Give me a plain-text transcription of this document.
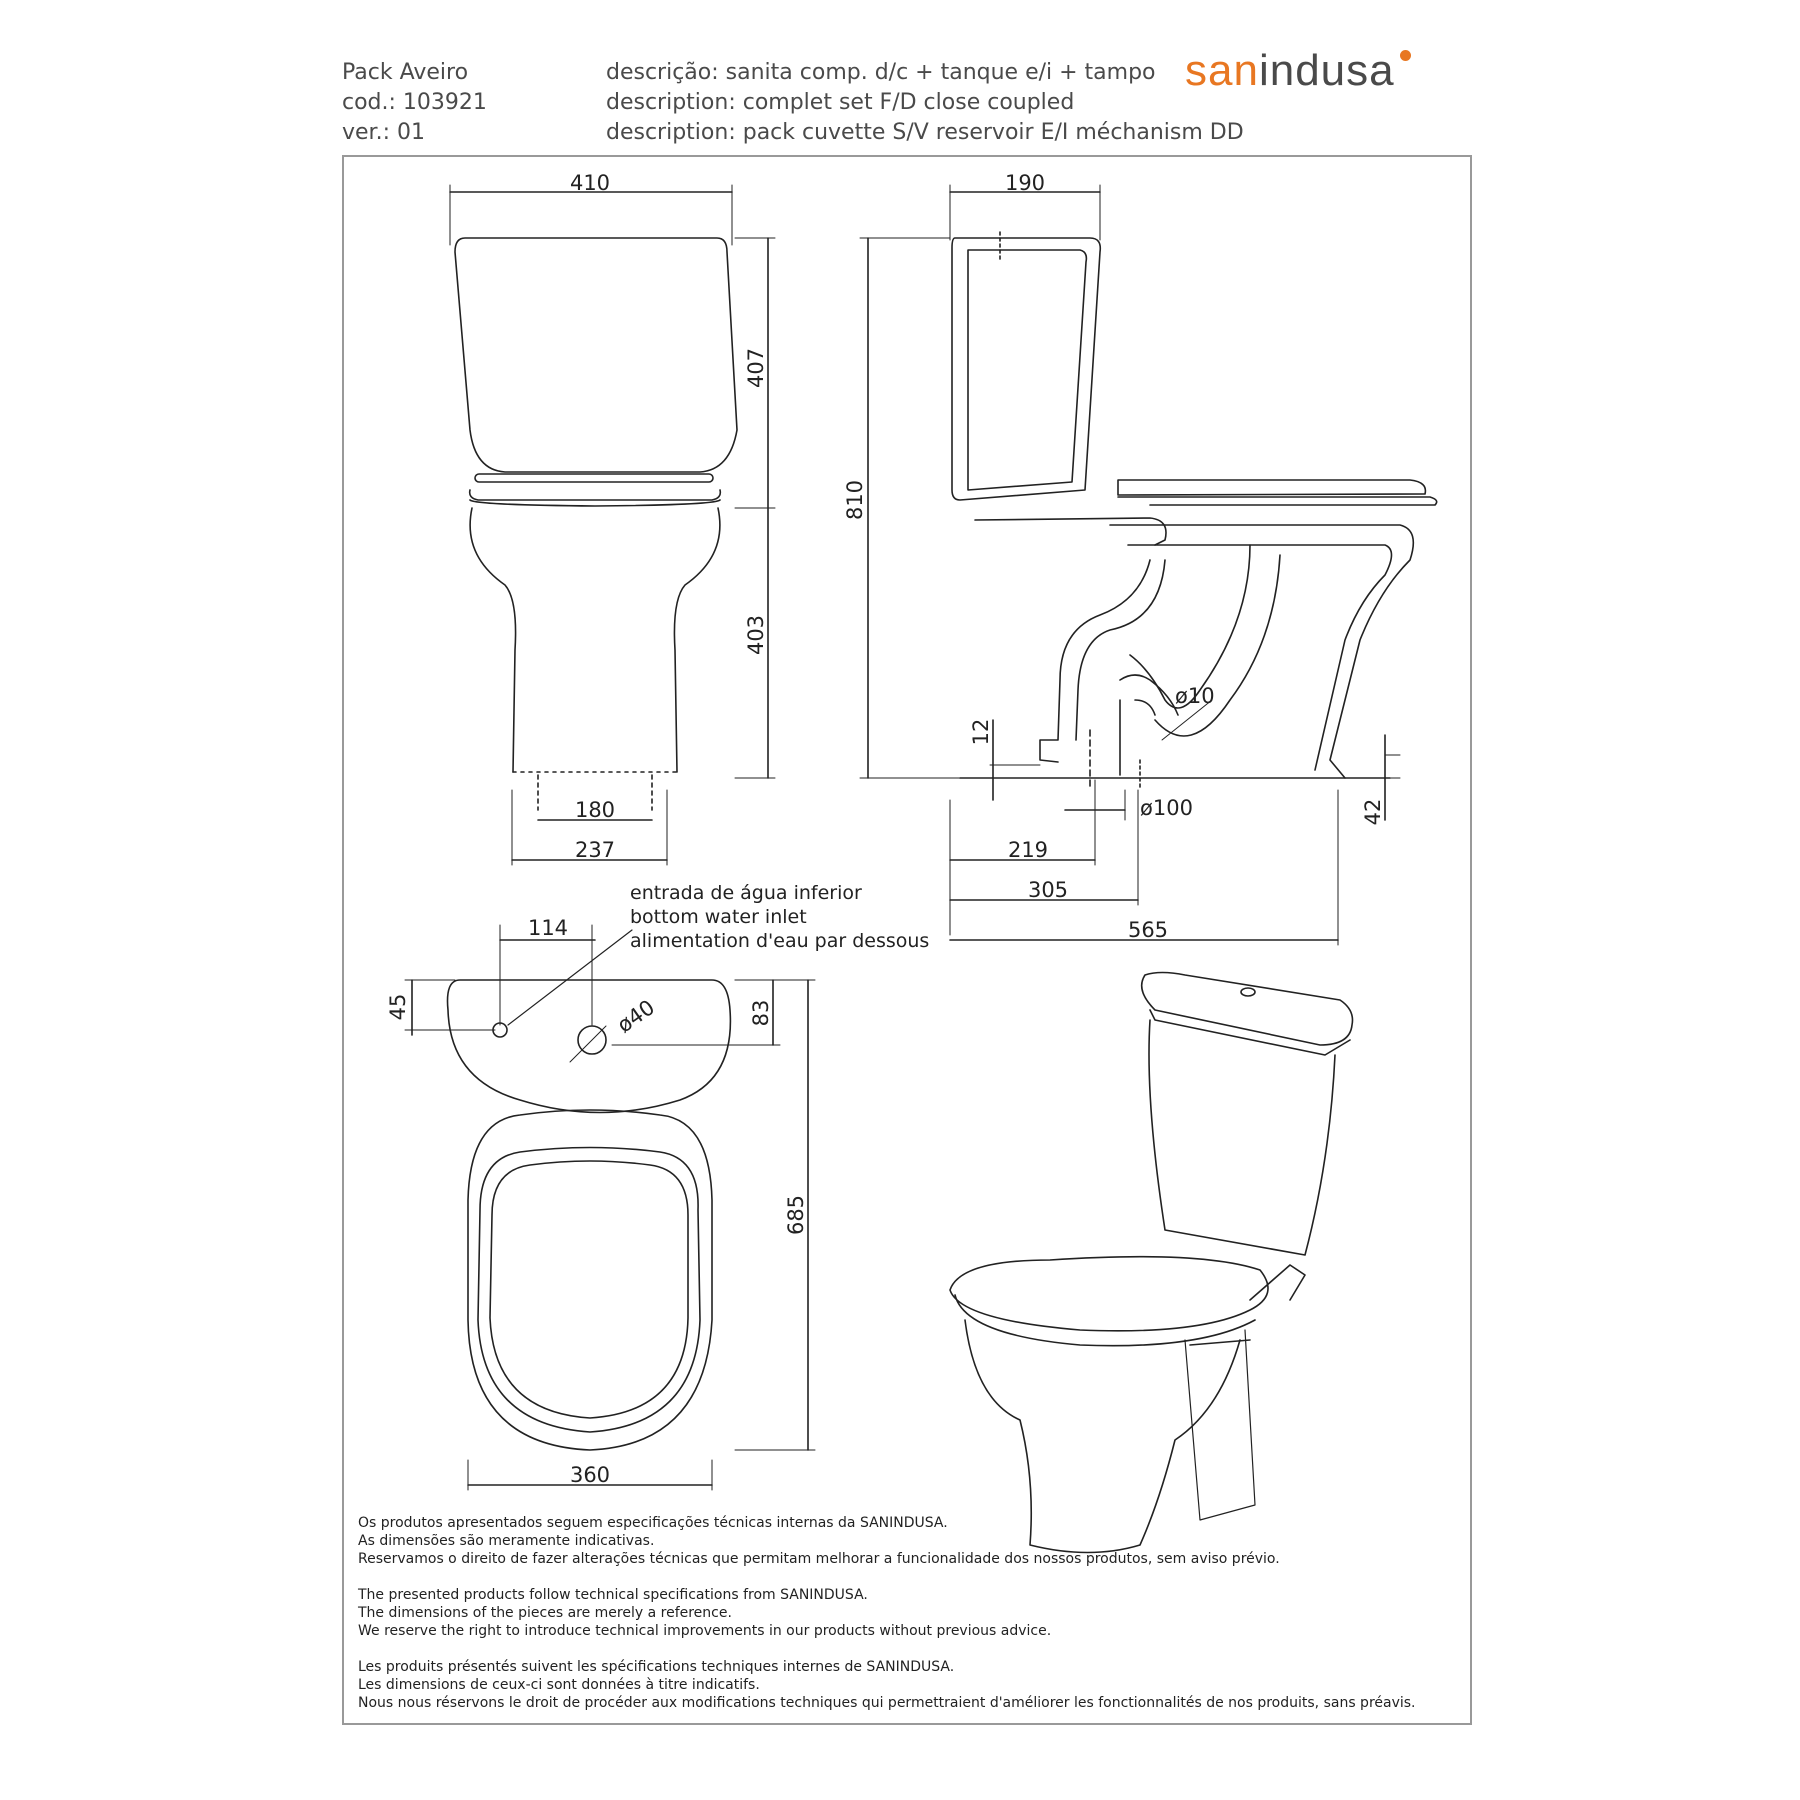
Pack Aveiro
cod.: 103921
ver.: 01
descrição: sanita comp. d/c + tanque e/i + tampo
description: complet set F/D close coupled
description: pack cuvette S/V reservoir E/I méchanism DD
sanindusa
410
407
403
180
237
190
810
12
ø10
ø100	42
219
305
565
114
45	ø40	83
685
360
entrada de água inferior
bottom water inlet
alimentation d'eau par dessous
Os produtos apresentados seguem especificações técnicas internas da SANINDUSA.
As dimensões são meramente indicativas.
Reservamos o direito de fazer alterações técnicas que permitam melhorar a funcionalidade dos nossos produtos, sem aviso prévio.
The presented products follow technical specifications from SANINDUSA.
The dimensions of the pieces are merely a reference.
We reserve the right to introduce technical improvements in our products without previous advice.
Les produits présentés suivent les spécifications techniques internes de SANINDUSA.
Les dimensions de ceux-ci sont données à titre indicatifs.
Nous nous réservons le droit de procéder aux modifications techniques qui permettraient d'améliorer les fonctionnalités de nos produits, sans préavis.
